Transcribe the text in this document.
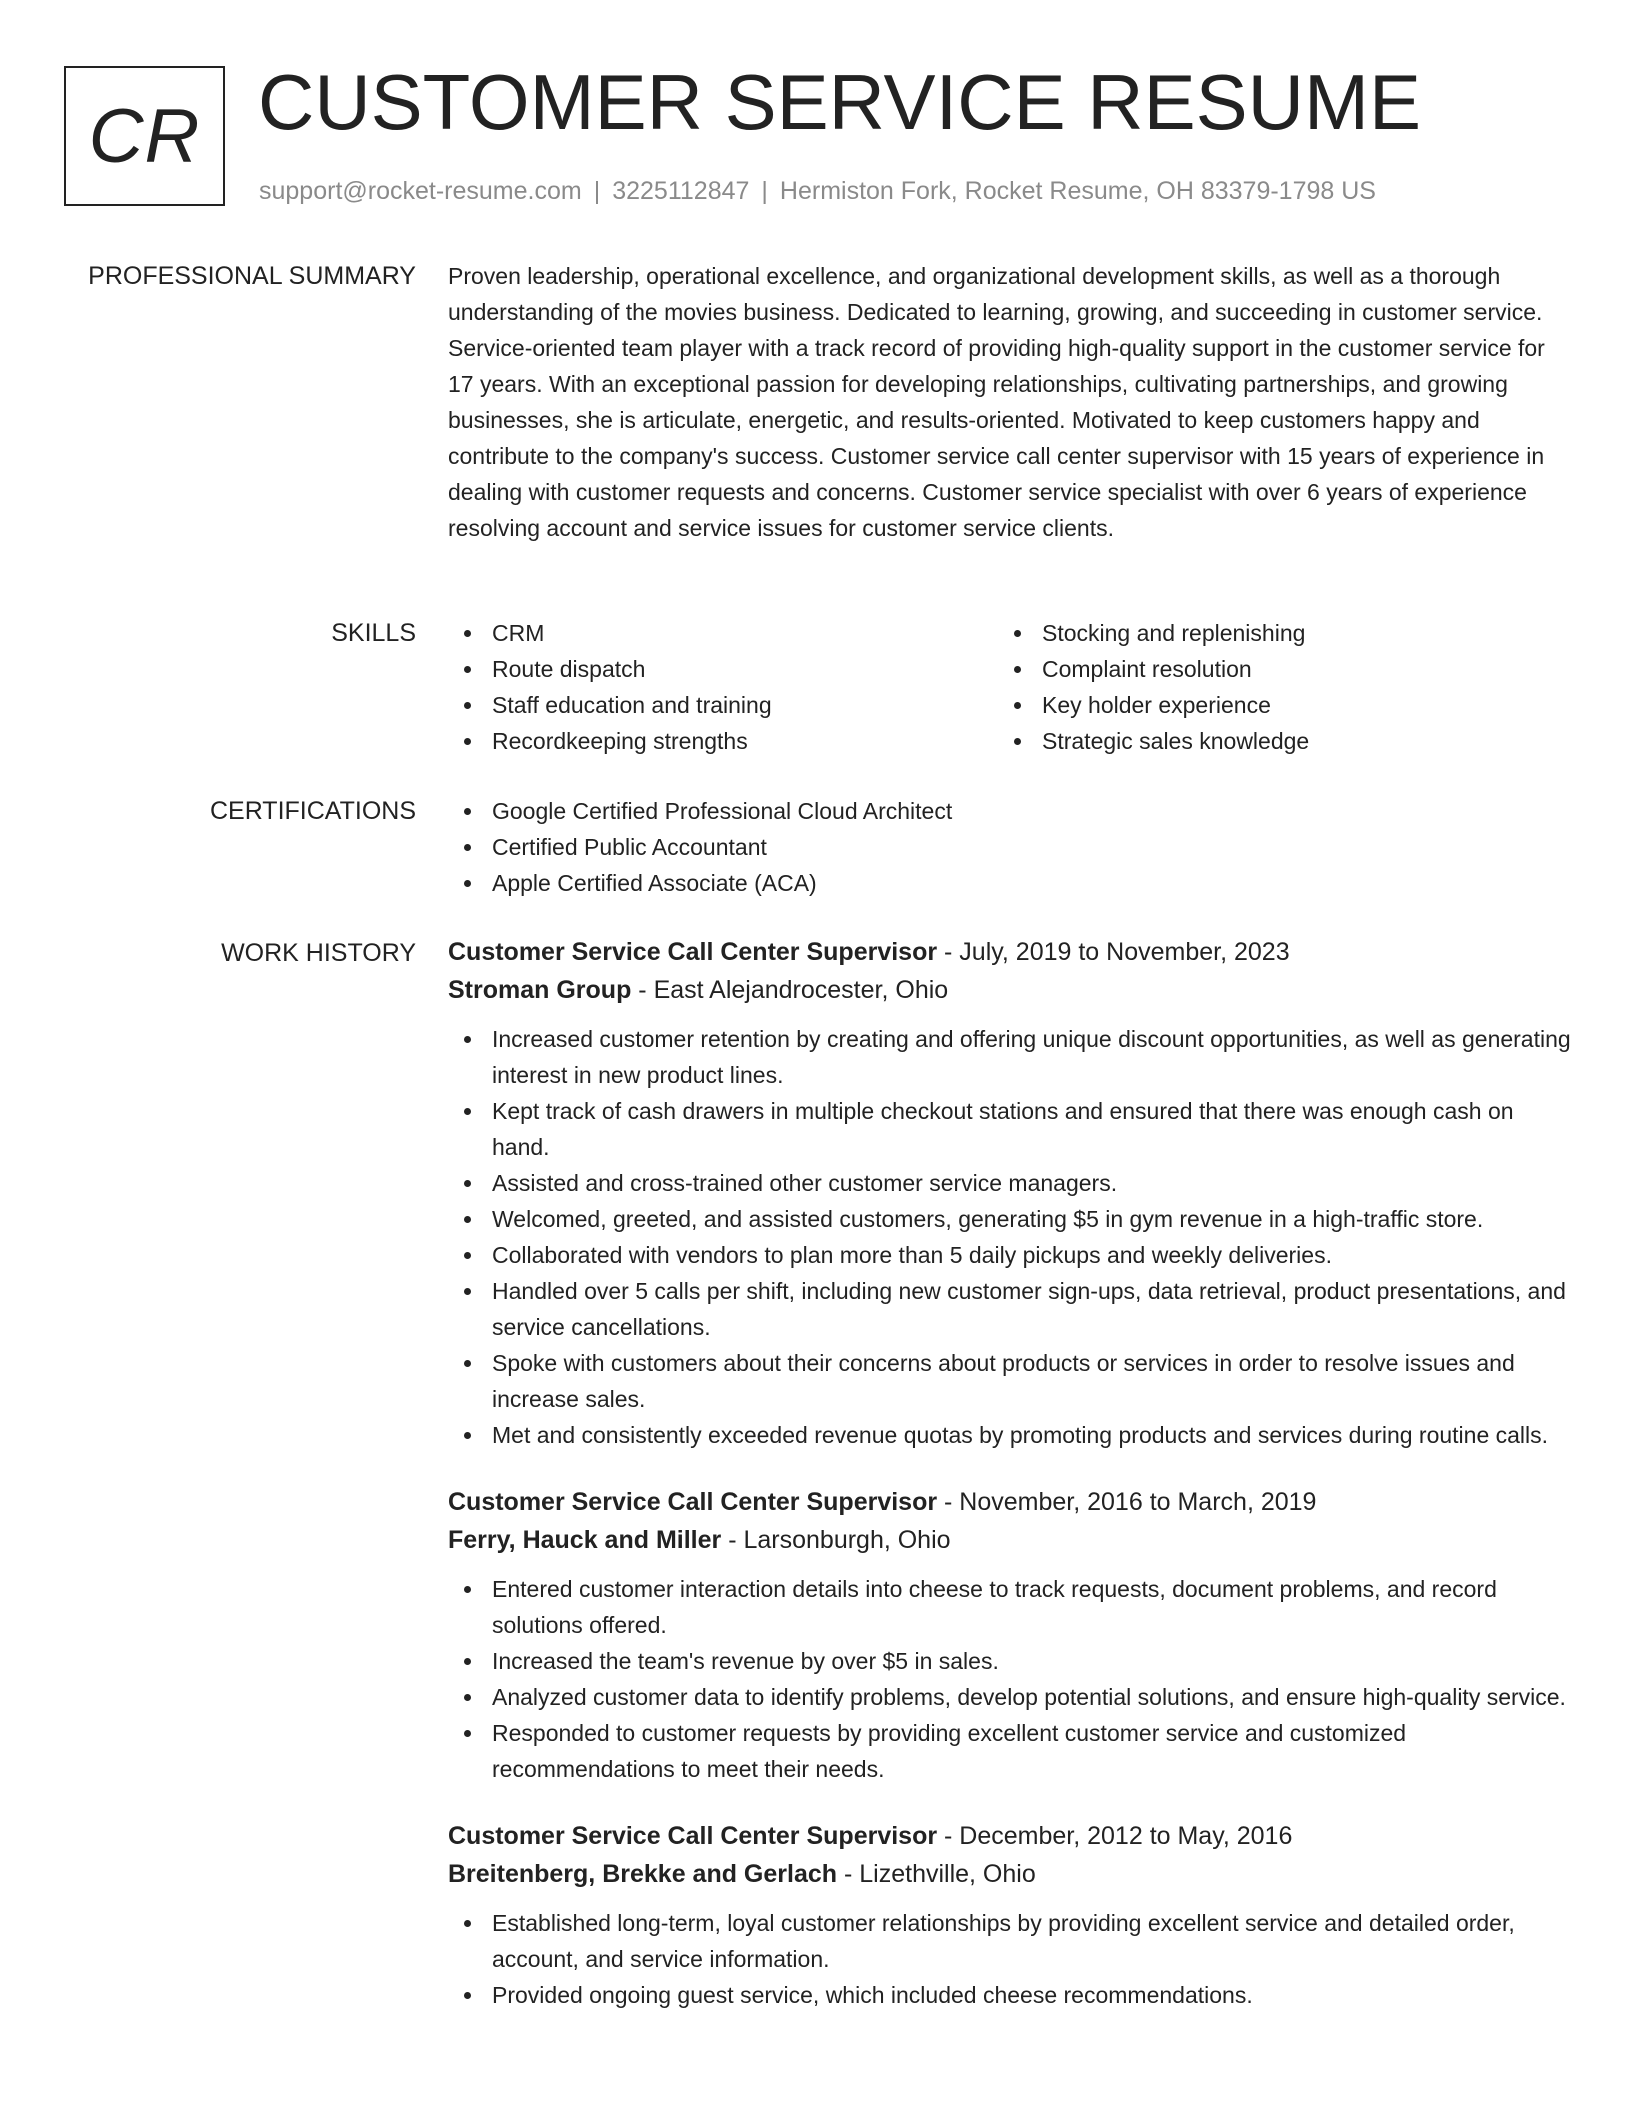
CR CUSTOMER SERVICE RESUME
support@rocket-resume.com | 3225112847 | Hermiston Fork, Rocket Resume, OH 83379-1798 US
PROFESSIONAL SUMMARY Proven leadership, operational excellence, and organizational development skills, as well as a thorough understanding of the movies business. Dedicated to learning, growing, and succeeding in customer service. Service-oriented team player with a track record of providing high-quality support in the customer service for 17 years. With an exceptional passion for developing relationships, cultivating partnerships, and growing businesses, she is articulate, energetic, and results-oriented. Motivated to keep customers happy and contribute to the company's success. Customer service call center supervisor with 15 years of experience in dealing with customer requests and concerns. Customer service specialist with over 6 years of experience resolving account and service issues for customer service clients.

SKILLS	CRM
Route dispatch
Staff education and training
Recordkeeping strengths
Stocking and replenishing
Complaint resolution
Key holder experience
Strategic sales knowledge
CERTIFICATIONS	Google Certified Professional Cloud Architect
Certified Public Accountant
Apple Certified Associate (ACA)
WORK HISTORY Customer Service Call Center Supervisor - July, 2019 to November, 2023
Stroman Group - East Alejandrocester, Ohio
Increased customer retention by creating and offering unique discount opportunities, as well as generating interest in new product lines.
Kept track of cash drawers in multiple checkout stations and ensured that there was enough cash on hand.
Assisted and cross-trained other customer service managers.
Welcomed, greeted, and assisted customers, generating $5 in gym revenue in a high-traffic store.
Collaborated with vendors to plan more than 5 daily pickups and weekly deliveries.
Handled over 5 calls per shift, including new customer sign-ups, data retrieval, product presentations, and service cancellations.
Spoke with customers about their concerns about products or services in order to resolve issues and increase sales.
Met and consistently exceeded revenue quotas by promoting products and services during routine calls.
Customer Service Call Center Supervisor - November, 2016 to March, 2019
Ferry, Hauck and Miller - Larsonburgh, Ohio
Entered customer interaction details into cheese to track requests, document problems, and record solutions offered.
Increased the team's revenue by over $5 in sales.
Analyzed customer data to identify problems, develop potential solutions, and ensure high-quality service.
Responded to customer requests by providing excellent customer service and customized recommendations to meet their needs.
Customer Service Call Center Supervisor - December, 2012 to May, 2016
Breitenberg, Brekke and Gerlach - Lizethville, Ohio
Established long-term, loyal customer relationships by providing excellent service and detailed order, account, and service information.
Provided ongoing guest service, which included cheese recommendations.
